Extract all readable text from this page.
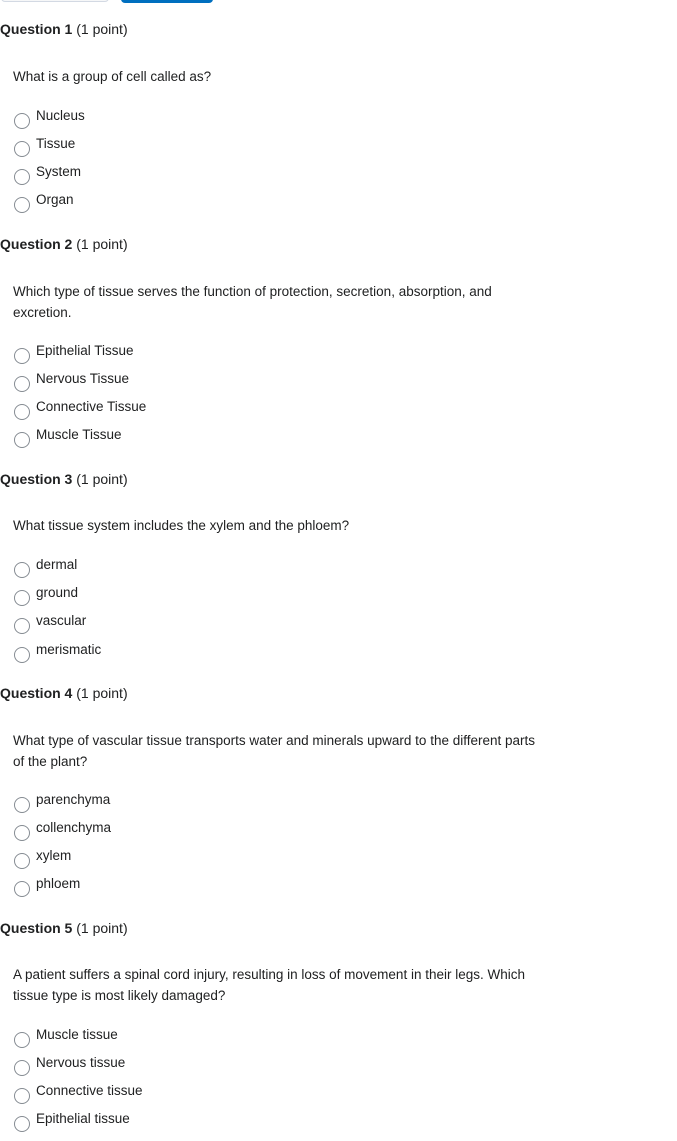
Question 1 (1 point)
What is a group of cell called as?
Nucleus
Tissue
System
Organ
Question 2 (1 point)
Which type of tissue serves the function of protection, secretion, absorption, and excretion.
Epithelial Tissue
Nervous Tissue
Connective Tissue
Muscle Tissue
Question 3 (1 point)
What tissue system includes the xylem and the phloem?
dermal
ground
vascular
merismatic
Question 4 (1 point)
What type of vascular tissue transports water and minerals upward to the different parts of the plant?
parenchyma
collenchyma
xylem
phloem
Question 5 (1 point)
A patient suffers a spinal cord injury, resulting in loss of movement in their legs. Which tissue type is most likely damaged?
Muscle tissue
Nervous tissue
Connective tissue
Epithelial tissue
